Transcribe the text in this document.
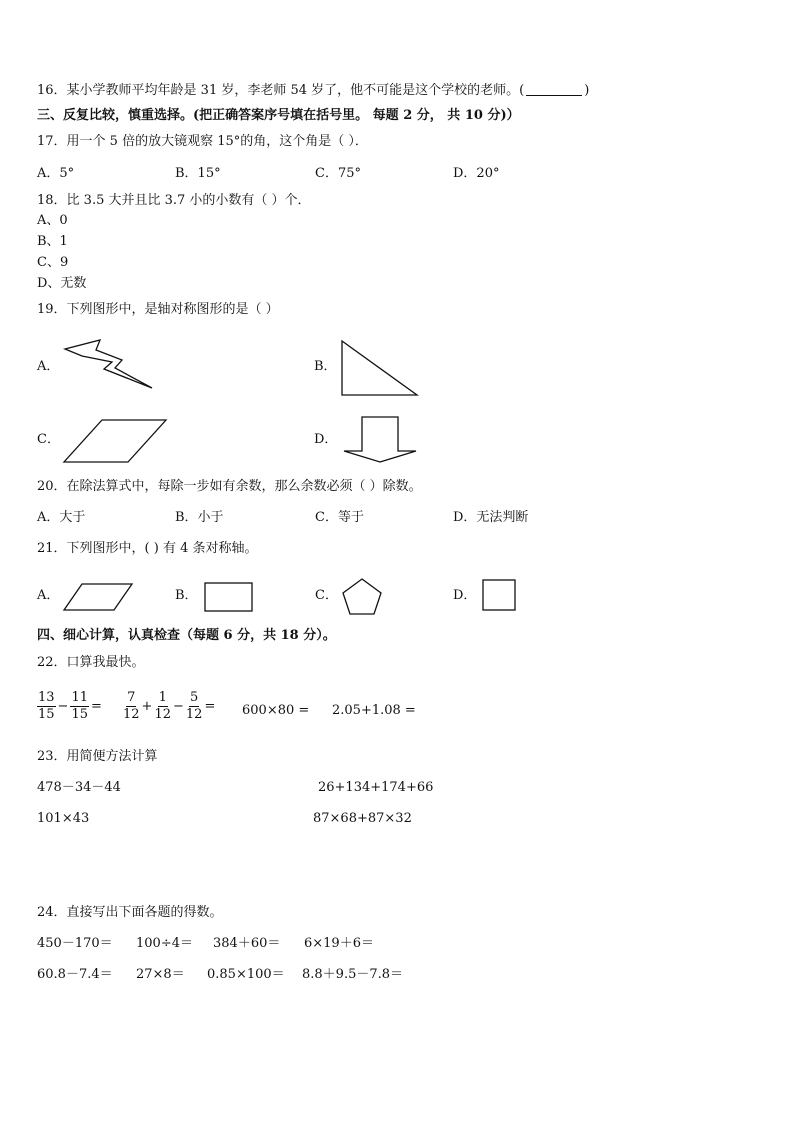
16．某小学教师平均年龄是 31 岁，李老师 54 岁了，他不可能是这个学校的老师。(	)
三、反复比较，慎重选择。(把正确答案序号填在括号里。 每题 2 分， 共 10 分)）
17．用一个 5 倍的放大镜观察 15°的角，这个角是（ ）．
A．5°	B．15°	C．75°	D．20°
18．比 3.5 大并且比 3.7 小的小数有（ ）个．
A、0
B、1
C、9
D、无数
19．下列图形中，是轴对称图形的是（ ）
A．	B．
C．	D．
20．在除法算式中，每除一步如有余数，那么余数必须（ ）除数。
A．大于	B．小于	C．等于	D．无法判断
21．下列图形中，( ) 有 4 条对称轴。
A．	B．	C．	D．
四、细心计算，认真检查（每题 6 分，共 18 分）。
22．口算我最快。
$\frac{13}{15} - \frac{11}{15} = \frac{7}{12} + \frac{1}{12} - \frac{5}{12} = 600\times 80 = 2.05+1.08$ =
23．用简便方法计算
478－34－44	26+134+174+66
101×43	87×68+87×32
24．直接写出下面各题的得数。
450－170＝ 100÷4＝ 384＋60＝ 6×19＋6＝
60.8－7.4＝ 27×8＝ 0.85×100＝ 8.8＋9.5－7.8＝
